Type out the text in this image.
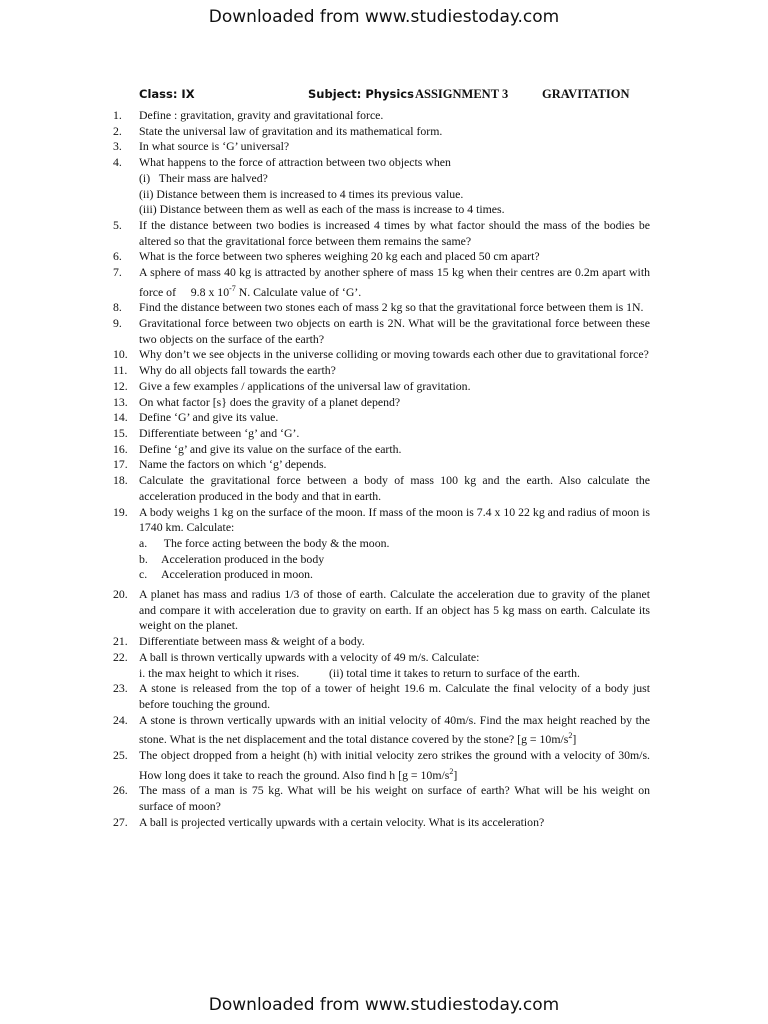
Downloaded from www.studiestoday.com
Class: IX	Subject: Physics ASSIGNMENT 3	GRAVITATION
1. Define : gravitation, gravity and gravitational force.
2. State the universal law of gravitation and its mathematical form.
3. In what source is ‘G’ universal?
4. What happens to the force of attraction between two objects when
(i)   Their mass are halved?
(ii) Distance between them is increased to 4 times its previous value.
(iii) Distance between them as well as each of the mass is increase to 4 times.
5. If the distance between two bodies is increased 4 times by what factor should the mass of the bodies be altered so that the gravitational force between them remains the same?
6. What is the force between two spheres weighing 20 kg each and placed 50 cm apart?
7. A sphere of mass 40 kg is attracted by another sphere of mass 15 kg when their centres are 0.2m apart with force of     9.8 x $10^{-7}$ N. Calculate value of ‘G’.
8. Find the distance between two stones each of mass 2 kg so that the gravitational force between them is 1N.
9. Gravitational force between two objects on earth is 2N. What will be the gravitational force between these two objects on the surface of the earth?
10. Why don’t we see objects in the universe colliding or moving towards each other due to gravitational force?
11. Why do all objects fall towards the earth?
12. Give a few examples / applications of the universal law of gravitation.
13. On what factor [s} does the gravity of a planet depend?
14. Define ‘G’ and give its value.
15. Differentiate between ‘g’ and ‘G’.
16. Define ‘g’ and give its value on the surface of the earth.
17. Name the factors on which ‘g’ depends.
18. Calculate the gravitational force between a body of mass 100 kg and the earth. Also calculate the acceleration produced in the body and that in earth.
19. A body weighs 1 kg on the surface of the moon. If mass of the moon is 7.4 x 10 22 kg and radius of moon is 1740 km. Calculate:
a. The force acting between the body & the moon.
b. Acceleration produced in the body
c. Acceleration produced in moon.
20. A planet has mass and radius 1/3 of those of earth. Calculate the acceleration due to gravity of the planet and compare it with acceleration due to gravity on earth. If an object has 5 kg mass on earth. Calculate its weight on the planet.
21. Differentiate between mass & weight of a body.
22. A ball is thrown vertically upwards with a velocity of 49 m/s. Calculate:
i. the max height to which it rises.	(ii) total time it takes to return to surface of the earth.
23. A stone is released from the top of a tower of height 19.6 m. Calculate the final velocity of a body just before touching the ground.
24. A stone is thrown vertically upwards with an initial velocity of 40m/s. Find the max height reached by the stone. What is the net displacement and the total distance covered by the stone? $[g = 10m/s^2]$
25. The object dropped from a height (h) with initial velocity zero strikes the ground with a velocity of 30m/s. How long does it take to reach the ground. Also find h $[g = 10m/s^2]$
26. The mass of a man is 75 kg. What will be his weight on surface of earth? What will be his weight on surface of moon?
27. A ball is projected vertically upwards with a certain velocity. What is its acceleration?
Downloaded from www.studiestoday.com
